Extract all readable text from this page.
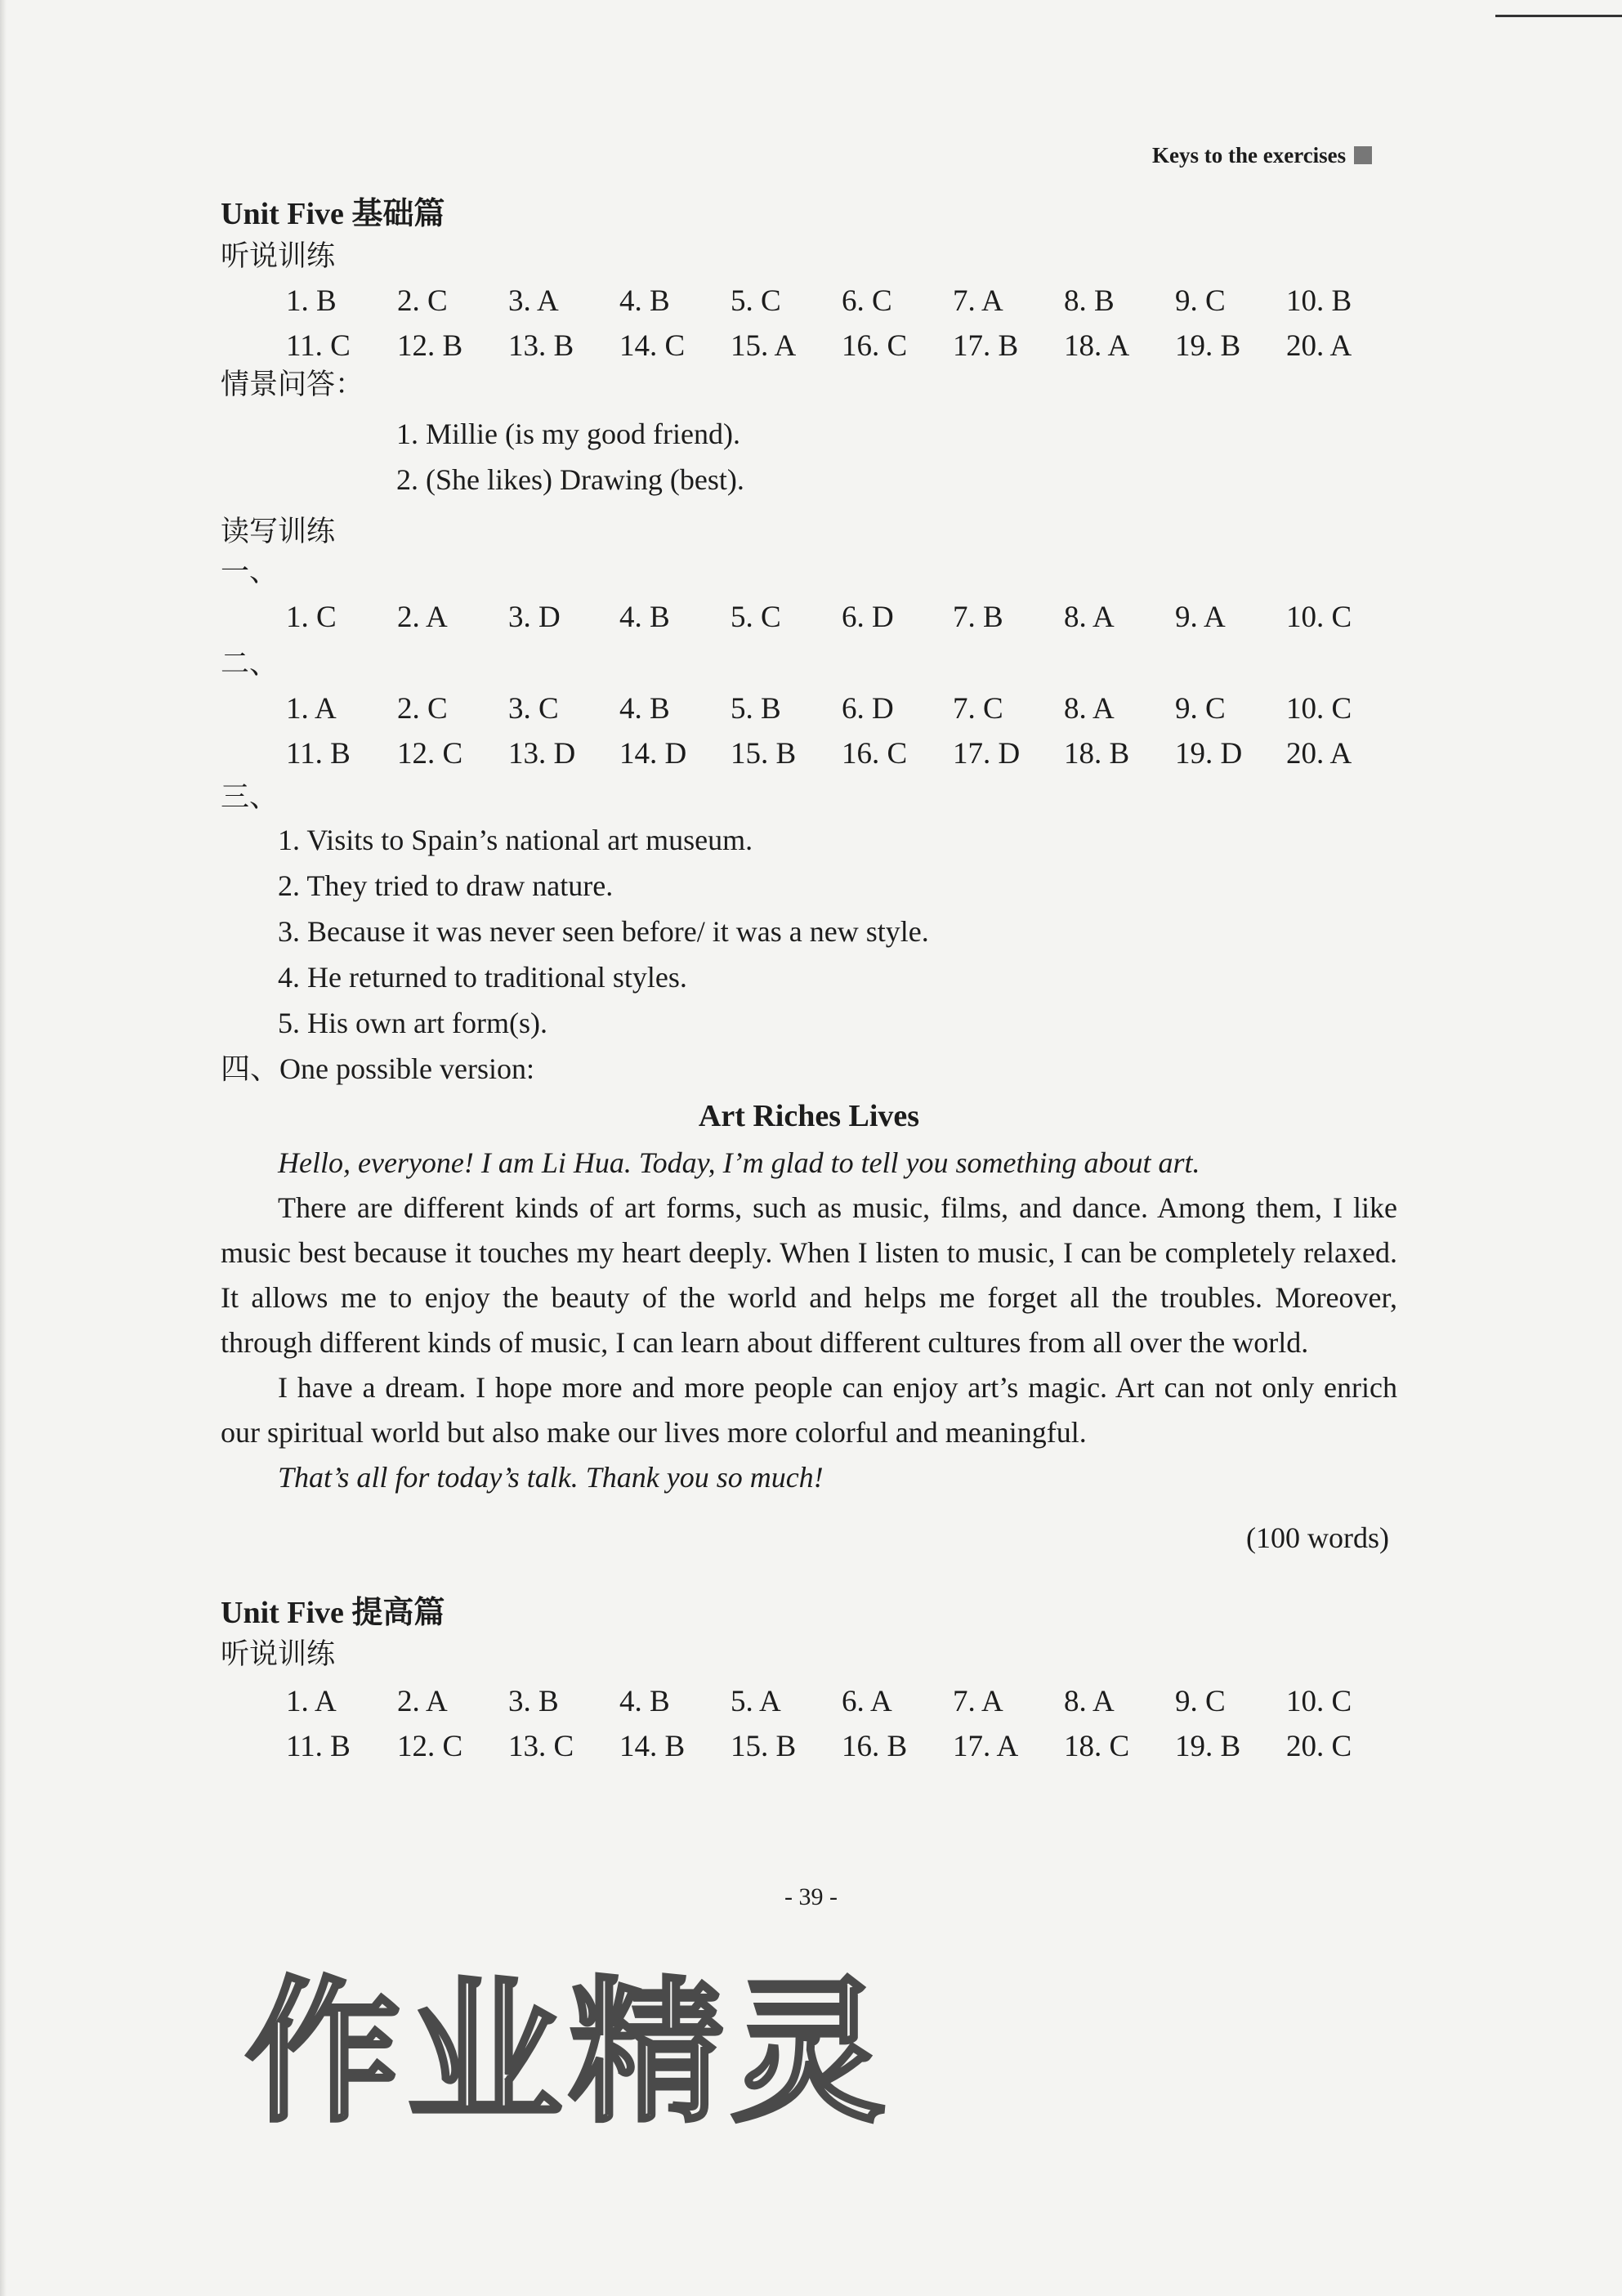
Keys to the exercises
Unit Five 基础篇
听说训练
1. B	2. C	3. A	4. B	5. C	6. C	7. A	8. B	9. C	10. B
11. C	12. B	13. B	14. C	15. A	16. C	17. B	18. A	19. B	20. A
情景问答：
1. Millie (is my good friend).
2. (She likes) Drawing (best).
读写训练
一、
1. C	2. A	3. D	4. B	5. C	6. D	7. B	8. A	9. A	10. C
二、
1. A	2. C	3. C	4. B	5. B	6. D	7. C	8. A	9. C	10. C
11. B	12. C	13. D	14. D	15. B	16. C	17. D	18. B	19. D	20. A
三、
1. Visits to Spain’s national art museum.
2. They tried to draw nature.
3. Because it was never seen before/ it was a new style.
4. He returned to traditional styles.
5. His own art form(s).
四、One possible version:
Art Riches Lives
Hello, everyone! I am Li Hua. Today, I’m glad to tell you something about art.
There are different kinds of art forms, such as music, films, and dance. Among them, I like music best because it touches my heart deeply. When I listen to music, I can be completely relaxed. It allows me to enjoy the beauty of the world and helps me forget all the troubles. Moreover, through different kinds of music, I can learn about different cultures from all over the world.
I have a dream. I hope more and more people can enjoy art’s magic. Art can not only enrich our spiritual world but also make our lives more colorful and meaningful.
That’s all for today’s talk. Thank you so much!
(100 words)
Unit Five 提高篇
听说训练
1. A	2. A	3. B	4. B	5. A	6. A	7. A	8. A	9. C	10. C
11. B	12. C	13. C	14. B	15. B	16. B	17. A	18. C	19. B	20. C
- 39 -
作业精灵
